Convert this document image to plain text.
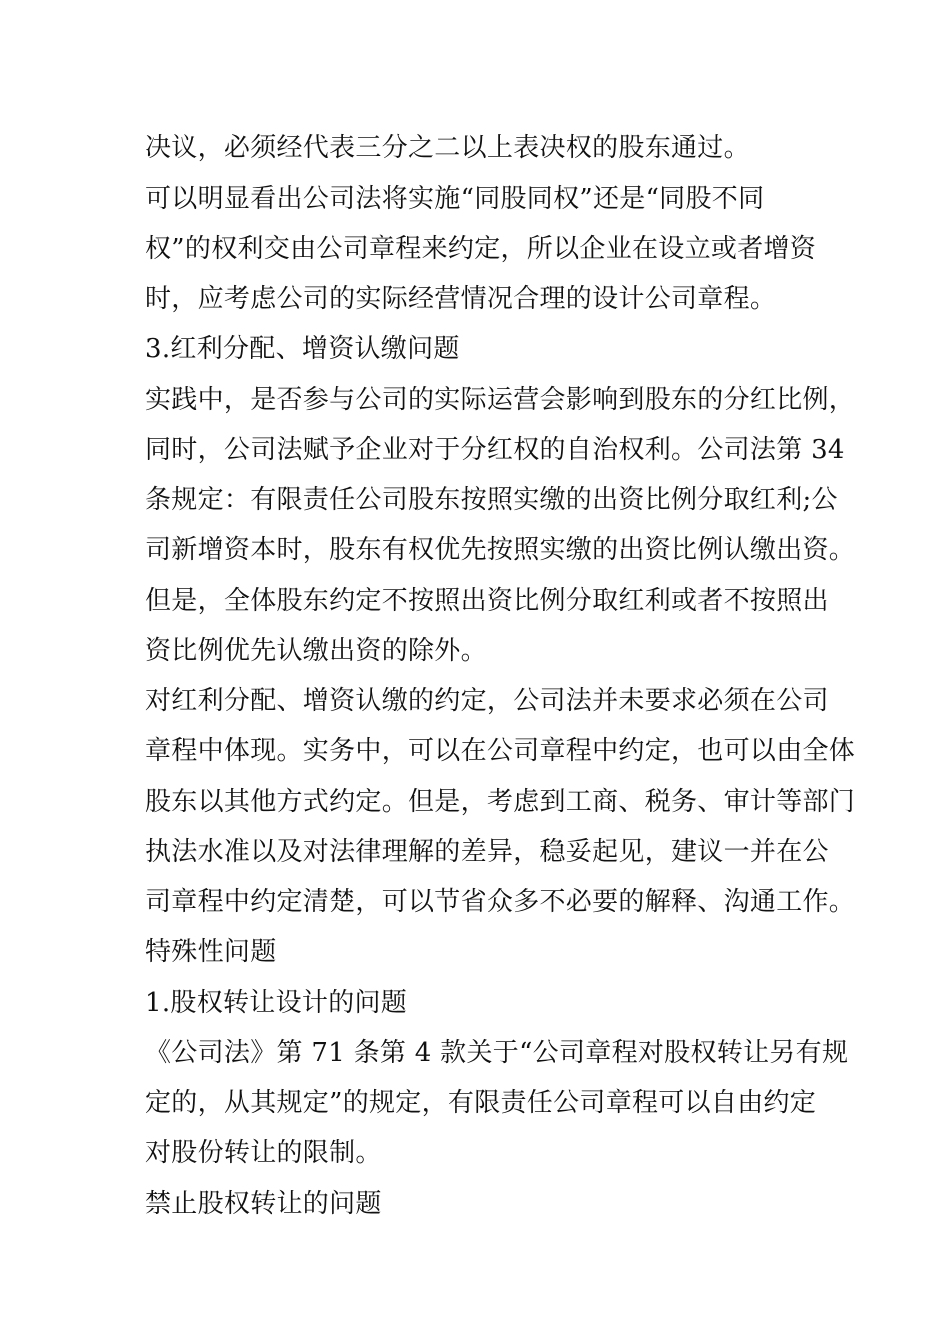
决议，必须经代表三分之二以上表决权的股东通过。
可以明显看出公司法将实施“同股同权”还是“同股不同
权”的权利交由公司章程来约定，所以企业在设立或者增资
时，应考虑公司的实际经营情况合理的设计公司章程。
3.红利分配、增资认缴问题
实践中，是否参与公司的实际运营会影响到股东的分红比例，
同时，公司法赋予企业对于分红权的自治权利。公司法第 34
条规定：有限责任公司股东按照实缴的出资比例分取红利;公
司新增资本时，股东有权优先按照实缴的出资比例认缴出资。
但是，全体股东约定不按照出资比例分取红利或者不按照出
资比例优先认缴出资的除外。
对红利分配、增资认缴的约定，公司法并未要求必须在公司
章程中体现。实务中，可以在公司章程中约定，也可以由全体
股东以其他方式约定。但是，考虑到工商、税务、审计等部门
执法水准以及对法律理解的差异，稳妥起见，建议一并在公
司章程中约定清楚，可以节省众多不必要的解释、沟通工作。
特殊性问题
1.股权转让设计的问题
《公司法》第 71 条第 4 款关于“公司章程对股权转让另有规
定的，从其规定”的规定，有限责任公司章程可以自由约定
对股份转让的限制。
禁止股权转让的问题
